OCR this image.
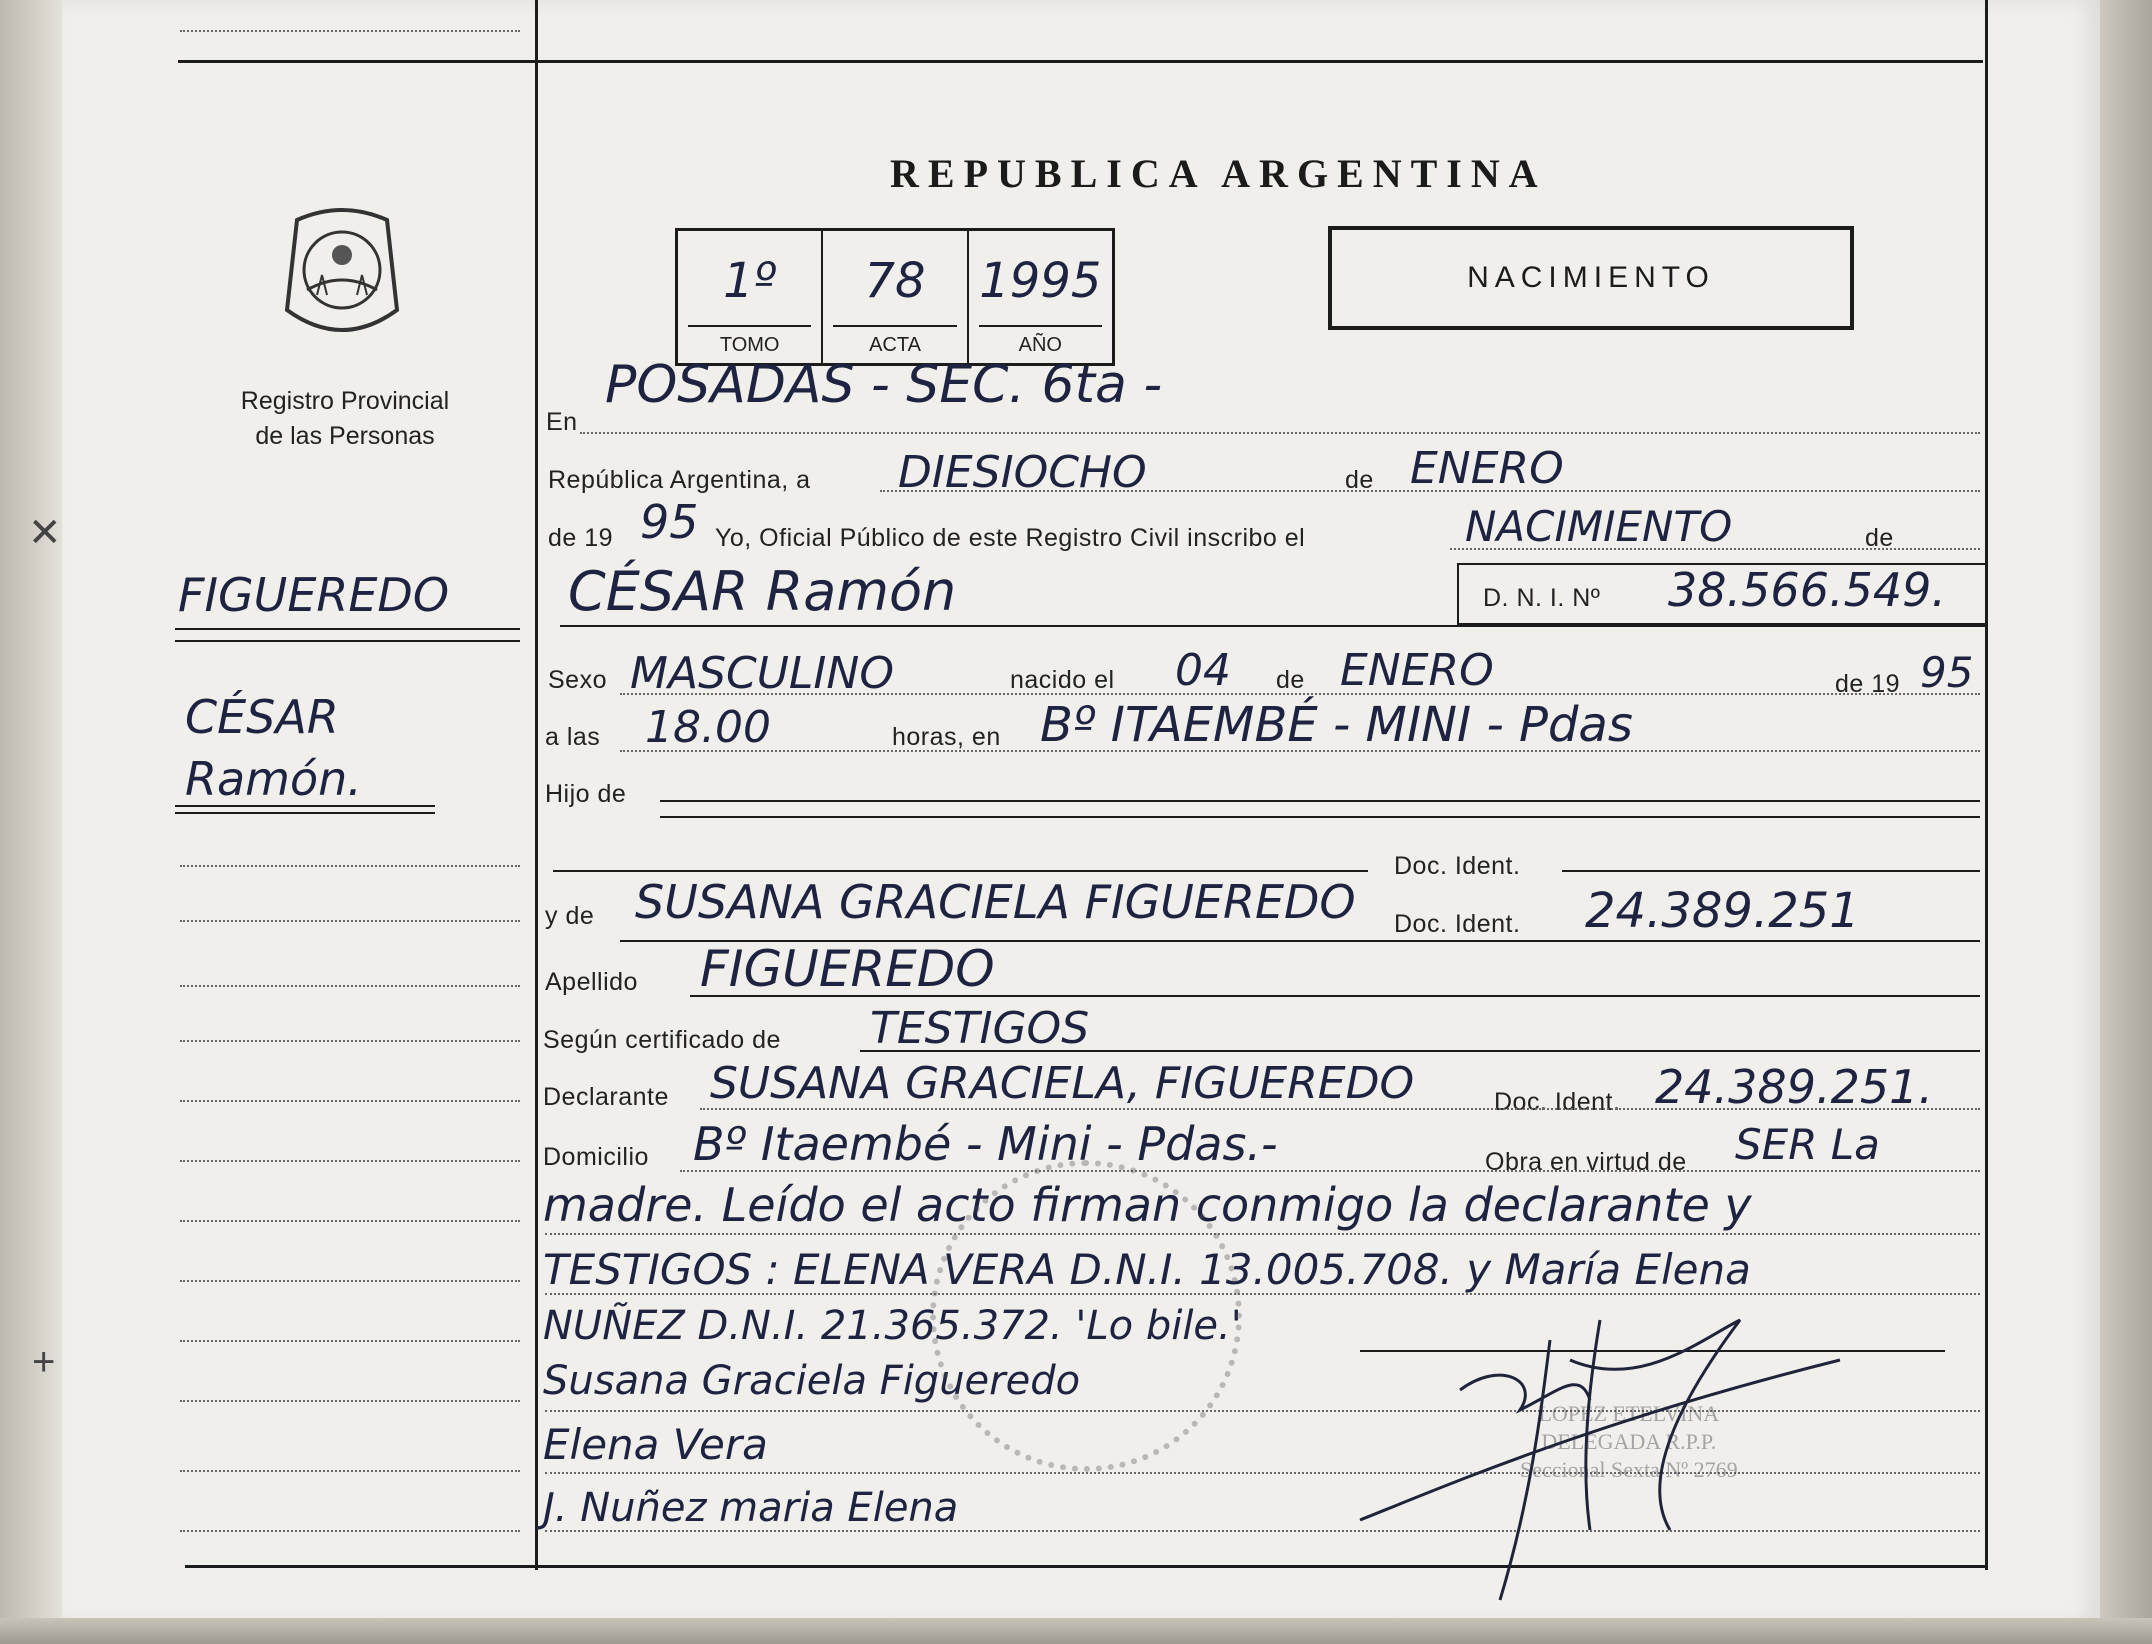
✕
+
REPUBLICA ARGENTINA
1º
TOMO
78
ACTA
1995
AÑO
NACIMIENTO
Registro Provincial
de las Personas
FIGUEREDO
CÉSAR
Ramón.
En
POSADAS - SEC. 6ta -
República Argentina, a DIESIOCHO	de ENERO
de 19 95 Yo, Oficial Público de este Registro Civil inscribo el	NACIMIENTO	de
CÉSAR Ramón	D. N. I. Nº 38.566.549.
Sexo MASCULINO	nacido el 04 de ENERO	de 19 95
a las 18.00	horas, en Bº ITAEMBÉ - MINI - Pdas
Hijo de
Doc. Ident.
y de SUSANA GRACIELA FIGUEREDO Doc. Ident. 24.389.251
Apellido FIGUEREDO
Según certificado de TESTIGOS
Declarante SUSANA GRACIELA, FIGUEREDO	Doc. Ident. 24.389.251.
Domicilio Bº Itaembé - Mini - Pdas.-	Obra en virtud de SER La
madre. Leído el acto firman conmigo la declarante y
TESTIGOS : ELENA VERA D.N.I. 13.005.708. y María Elena
NUÑEZ D.N.I. 21.365.372. 'Lo bile.'
Susana Graciela Figueredo
Elena Vera
J. Nuñez maria Elena
LOPEZ ETELVINA
DELEGADA R.P.P.
Seccional Sexta Nº 2769
